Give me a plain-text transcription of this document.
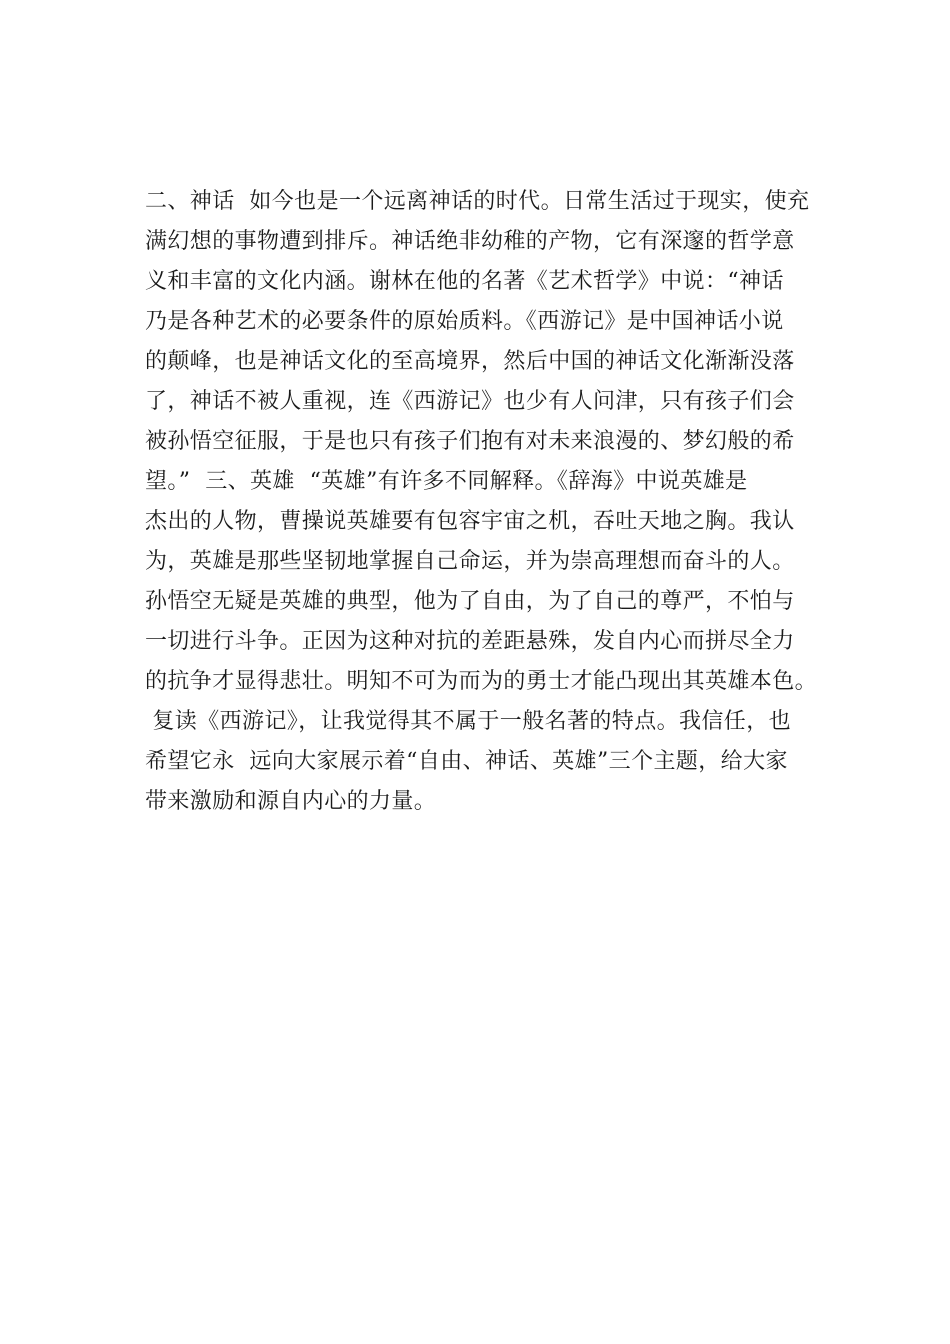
二、神话  如今也是一个远离神话的时代。日常生活过于现实，使充
满幻想的事物遭到排斥。神话绝非幼稚的产物，它有深邃的哲学意
义和丰富的文化内涵。谢林在他的名著《艺术哲学》中说：“神话
乃是各种艺术的必要条件的原始质料。《西游记》是中国神话小说
的颠峰，也是神话文化的至高境界，然后中国的神话文化渐渐没落
了，神话不被人重视，连《西游记》也少有人问津，只有孩子们会
被孙悟空征服，于是也只有孩子们抱有对未来浪漫的、梦幻般的希
望。”  三、英雄  “英雄”有许多不同解释。《辞海》中说英雄是
杰出的人物，曹操说英雄要有包容宇宙之机，吞吐天地之胸。我认
为，英雄是那些坚韧地掌握自己命运，并为崇高理想而奋斗的人。
孙悟空无疑是英雄的典型，他为了自由，为了自己的尊严，不怕与
一切进行斗争。正因为这种对抗的差距悬殊，发自内心而拼尽全力
的抗争才显得悲壮。明知不可为而为的勇士才能凸现出其英雄本色。
复读《西游记》，让我觉得其不属于一般名著的特点。我信任，也
希望它永  远向大家展示着“自由、神话、英雄”三个主题，给大家
带来激励和源自内心的力量。
